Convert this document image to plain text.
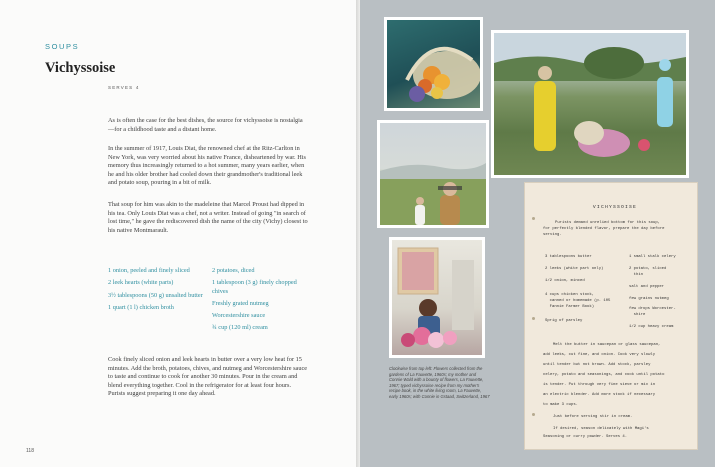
SOUPS
Vichyssoise
SERVES 4

As is often the case for the best dishes, the source for vichyssoise is nostalgia—for a childhood taste and a distant home.

In the summer of 1917, Louis Diat, the renowned chef at the Ritz-Carlton in New York, was very worried about his native France, disheartened by war. His memory thus increasingly returned to a hot summer, many years earlier, when he and his older brother had cooled down their grandmother's traditional leek and potato soup, pouring in a bit of milk.

That soup for him was akin to the madeleine that Marcel Proust had dipped in his tea. Only Louis Diat was a chef, not a writer. Instead of going "in search of lost time," he gave the rediscovered dish the name of the city (Vichy) closest to his native Montmarault.

1 onion, peeled and finely sliced
2 leek hearts (white parts)
3½ tablespoons (50 g) unsalted butter
1 quart (1 l) chicken broth
2 potatoes, diced
1 tablespoon (3 g) finely chopped chives
Freshly grated nutmeg
Worcestershire sauce
¾ cup (120 ml) cream

Cook finely sliced onion and leek hearts in butter over a very low heat for 15 minutes. Add the broth, potatoes, chives, and nutmeg and Worcestershire sauce to taste and continue to cook for another 30 minutes. Pour in the cream and blend everything together. Cool in the refrigerator for at least four hours. Purists suggest preparing it one day ahead.

118
Clockwise from top left: Flowers collected from the gardens of La Fauvette, 1960s; my mother and Connie Wald with a bounty of flowers, La Fauvette, 1967; typed vichyssoise recipe from my mother's recipe book, in the white living room, La Fauvette, early 1960s; with Connie in Gstaad, Switzerland, 1967
VICHYSSOISE
Purists demand unrelied bottom for this soup,
for perfectly blended flavor, prepare the day before
serving.
3 tablespoons butter
2 leeks (white part only)
1/2 onion, minced
4 cups chicken stock,
canned or homemade (p. 105
Fannie Farmer Book)
Sprig of parsley
1 small stalk celery
2 potato, sliced
thin
salt and pepper
few grains nutmeg
few drops Worcester-
shire
1/2 cup heavy cream
Melt the butter in saucepan or glass saucepan,
add leeks, cut fine, and onion. Cook very slowly
until tender but not brown. Add stock, parsley
celery, potato and seasonings, and cook until potato
is tender. Put through very fine sieve or mix in
an electric blender. Add more stock if necessary
to make 3 cups.
Just before serving stir in cream.
If desired, season delicately with Magi's
Seasoning or curry powder. Serves 4.
